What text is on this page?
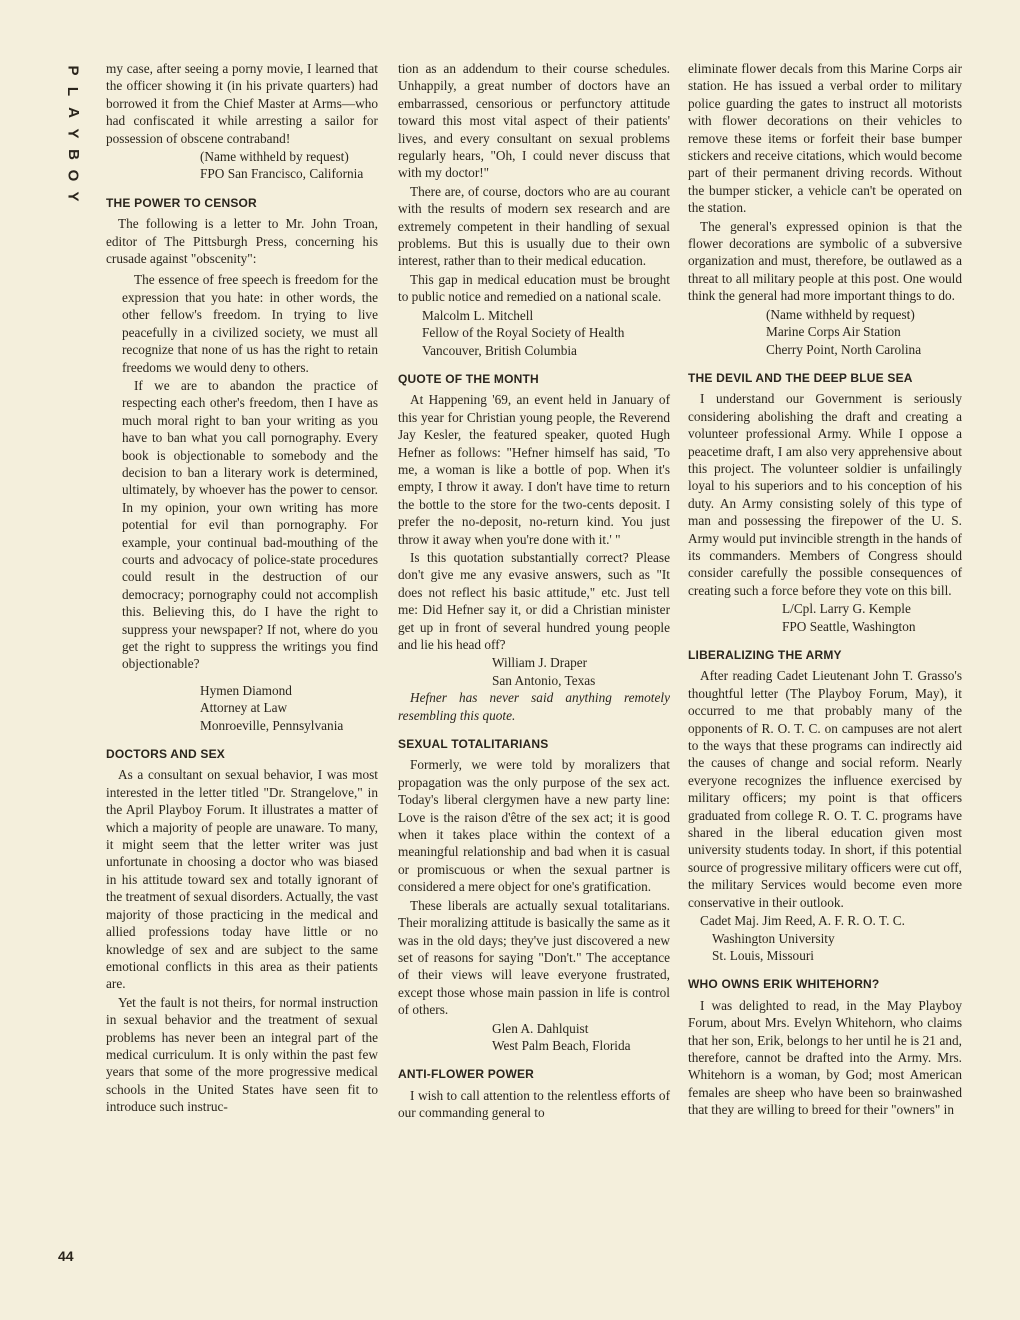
P
L
A
Y
B
O
Y
44

my case, after seeing a porny movie, I learned that the officer showing it (in his private quarters) had borrowed it from the Chief Master at Arms—who had confiscated it while arresting a sailor for possession of obscene contraband!

(Name withheld by request)
FPO San Francisco, California
THE POWER TO CENSOR

The following is a letter to Mr. John Troan, editor of The Pittsburgh Press, concerning his crusade against "obscenity":

The essence of free speech is freedom for the expression that you hate: in other words, the other fellow's freedom. In trying to live peacefully in a civilized society, we must all recognize that none of us has the right to retain freedoms we would deny to others.

If we are to abandon the practice of respecting each other's freedom, then I have as much moral right to ban your writing as you have to ban what you call pornography. Every book is objectionable to somebody and the decision to ban a literary work is determined, ultimately, by whoever has the power to censor. In my opinion, your own writing has more potential for evil than pornography. For example, your continual bad-mouthing of the courts and advocacy of police-state procedures could result in the destruction of our democracy; pornography could not accomplish this. Believing this, do I have the right to suppress your newspaper? If not, where do you get the right to suppress the writings you find objectionable?

Hymen Diamond
Attorney at Law
Monroeville, Pennsylvania
DOCTORS AND SEX

As a consultant on sexual behavior, I was most interested in the letter titled "Dr. Strangelove," in the April Playboy Forum. It illustrates a matter of which a majority of people are unaware. To many, it might seem that the letter writer was just unfortunate in choosing a doctor who was biased in his attitude toward sex and totally ignorant of the treatment of sexual disorders. Actually, the vast majority of those practicing in the medical and allied professions today have little or no knowledge of sex and are subject to the same emotional conflicts in this area as their patients are.

Yet the fault is not theirs, for normal instruction in sexual behavior and the treatment of sexual problems has never been an integral part of the medical curriculum. It is only within the past few years that some of the more progressive medical schools in the United States have seen fit to introduce such instruc-

tion as an addendum to their course schedules. Unhappily, a great number of doctors have an embarrassed, censorious or perfunctory attitude toward this most vital aspect of their patients' lives, and every consultant on sexual problems regularly hears, "Oh, I could never discuss that with my doctor!"

There are, of course, doctors who are au courant with the results of modern sex research and are extremely competent in their handling of sexual problems. But this is usually due to their own interest, rather than to their medical education.

This gap in medical education must be brought to public notice and remedied on a national scale.

Malcolm L. Mitchell
Fellow of the Royal Society of Health
Vancouver, British Columbia
QUOTE OF THE MONTH

At Happening '69, an event held in January of this year for Christian young people, the Reverend Jay Kesler, the featured speaker, quoted Hugh Hefner as follows: "Hefner himself has said, 'To me, a woman is like a bottle of pop. When it's empty, I throw it away. I don't have time to return the bottle to the store for the two-cents deposit. I prefer the no-deposit, no-return kind. You just throw it away when you're done with it.' "

Is this quotation substantially correct? Please don't give me any evasive answers, such as "It does not reflect his basic attitude," etc. Just tell me: Did Hefner say it, or did a Christian minister get up in front of several hundred young people and lie his head off?

William J. Draper
San Antonio, Texas

Hefner has never said anything remotely resembling this quote.

SEXUAL TOTALITARIANS

Formerly, we were told by moralizers that propagation was the only purpose of the sex act. Today's liberal clergymen have a new party line: Love is the raison d'être of the sex act; it is good when it takes place within the context of a meaningful relationship and bad when it is casual or promiscuous or when the sexual partner is considered a mere object for one's gratification.

These liberals are actually sexual totalitarians. Their moralizing attitude is basically the same as it was in the old days; they've just discovered a new set of reasons for saying "Don't." The acceptance of their views will leave everyone frustrated, except those whose main passion in life is control of others.

Glen A. Dahlquist
West Palm Beach, Florida
ANTI-FLOWER POWER

I wish to call attention to the relentless efforts of our commanding general to

eliminate flower decals from this Marine Corps air station. He has issued a verbal order to military police guarding the gates to instruct all motorists with flower decorations on their vehicles to remove these items or forfeit their base bumper stickers and receive citations, which would become part of their permanent driving records. Without the bumper sticker, a vehicle can't be operated on the station.

The general's expressed opinion is that the flower decorations are symbolic of a subversive organization and must, therefore, be outlawed as a threat to all military people at this post. One would think the general had more important things to do.

(Name withheld by request)
Marine Corps Air Station
Cherry Point, North Carolina
THE DEVIL AND THE DEEP BLUE SEA

I understand our Government is seriously considering abolishing the draft and creating a volunteer professional Army. While I oppose a peacetime draft, I am also very apprehensive about this project. The volunteer soldier is unfailingly loyal to his superiors and to his conception of his duty. An Army consisting solely of this type of man and possessing the firepower of the U. S. Army would put invincible strength in the hands of its commanders. Members of Congress should consider carefully the possible consequences of creating such a force before they vote on this bill.

L/Cpl. Larry G. Kemple
FPO Seattle, Washington
LIBERALIZING THE ARMY

After reading Cadet Lieutenant John T. Grasso's thoughtful letter (The Playboy Forum, May), it occurred to me that probably many of the opponents of R. O. T. C. on campuses are not alert to the ways that these programs can indirectly aid the causes of change and social reform. Nearly everyone recognizes the influence exercised by military officers; my point is that officers graduated from college R. O. T. C. programs have shared in the liberal education given most university students today. In short, if this potential source of progressive military officers were cut off, the military Services would become even more conservative in their outlook.

Cadet Maj. Jim Reed, A. F. R. O. T. C.
Washington University
St. Louis, Missouri
WHO OWNS ERIK WHITEHORN?

I was delighted to read, in the May Playboy Forum, about Mrs. Evelyn Whitehorn, who claims that her son, Erik, belongs to her until he is 21 and, therefore, cannot be drafted into the Army. Mrs. Whitehorn is a woman, by God; most American females are sheep who have been so brainwashed that they are willing to breed for their "owners" in
